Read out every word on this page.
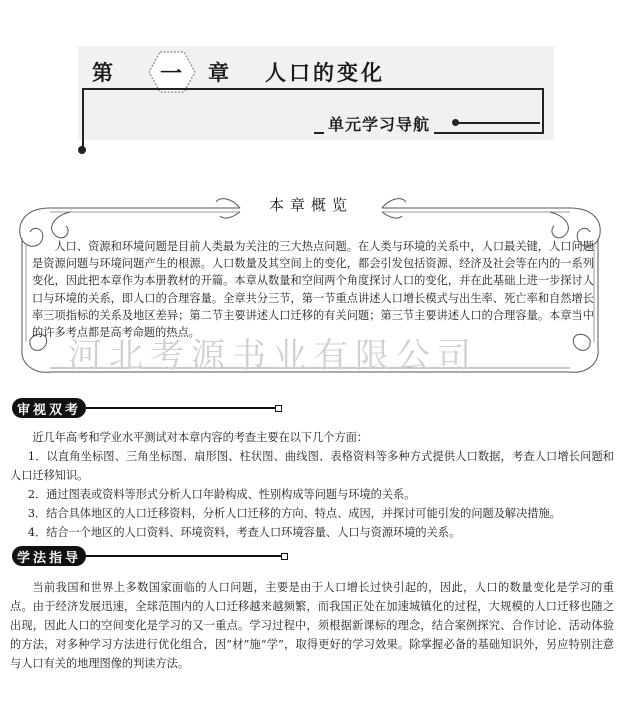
第	一 章 人口的变化
单元学习导航
本章概览
河北考源书业有限公司
人口、资源和环境问题是目前人类最为关注的三大热点问题。在人类与环境的关系中，人口最关键，人口问题是资源问题与环境问题产生的根源。人口数量及其空间上的变化，都会引发包括资源、经济及社会等在内的一系列变化，因此把本章作为本册教材的开篇。本章从数量和空间两个角度探讨人口的变化，并在此基础上进一步探讨人口与环境的关系，即人口的合理容量。全章共分三节，第一节重点讲述人口增长模式与出生率、死亡率和自然增长率三项指标的关系及地区差异；第二节主要讲述人口迁移的有关问题；第三节主要讲述人口的合理容量。本章当中的许多考点都是高考命题的热点。
审视双考

近几年高考和学业水平测试对本章内容的考查主要在以下几个方面：

1．以直角坐标图、三角坐标图、扇形图、柱状图、曲线图、表格资料等多种方式提供人口数据，考查人口增长问题和人口迁移知识。

2．通过图表或资料等形式分析人口年龄构成、性别构成等问题与环境的关系。

3．结合具体地区的人口迁移资料，分析人口迁移的方向、特点、成因，并探讨可能引发的问题及解决措施。

4．结合一个地区的人口资料、环境资料，考查人口环境容量、人口与资源环境的关系。

学法指导

当前我国和世界上多数国家面临的人口问题，主要是由于人口增长过快引起的，因此，人口的数量变化是学习的重点。由于经济发展迅速，全球范围内的人口迁移越来越频繁，而我国正处在加速城镇化的过程，大规模的人口迁移也随之出现，因此人口的空间变化是学习的又一重点。学习过程中，须根据新课标的理念，结合案例探究、合作讨论、活动体验的方法，对多种学习方法进行优化组合，因“材”施“学”，取得更好的学习效果。除掌握必备的基础知识外，另应特别注意与人口有关的地理图像的判读方法。
